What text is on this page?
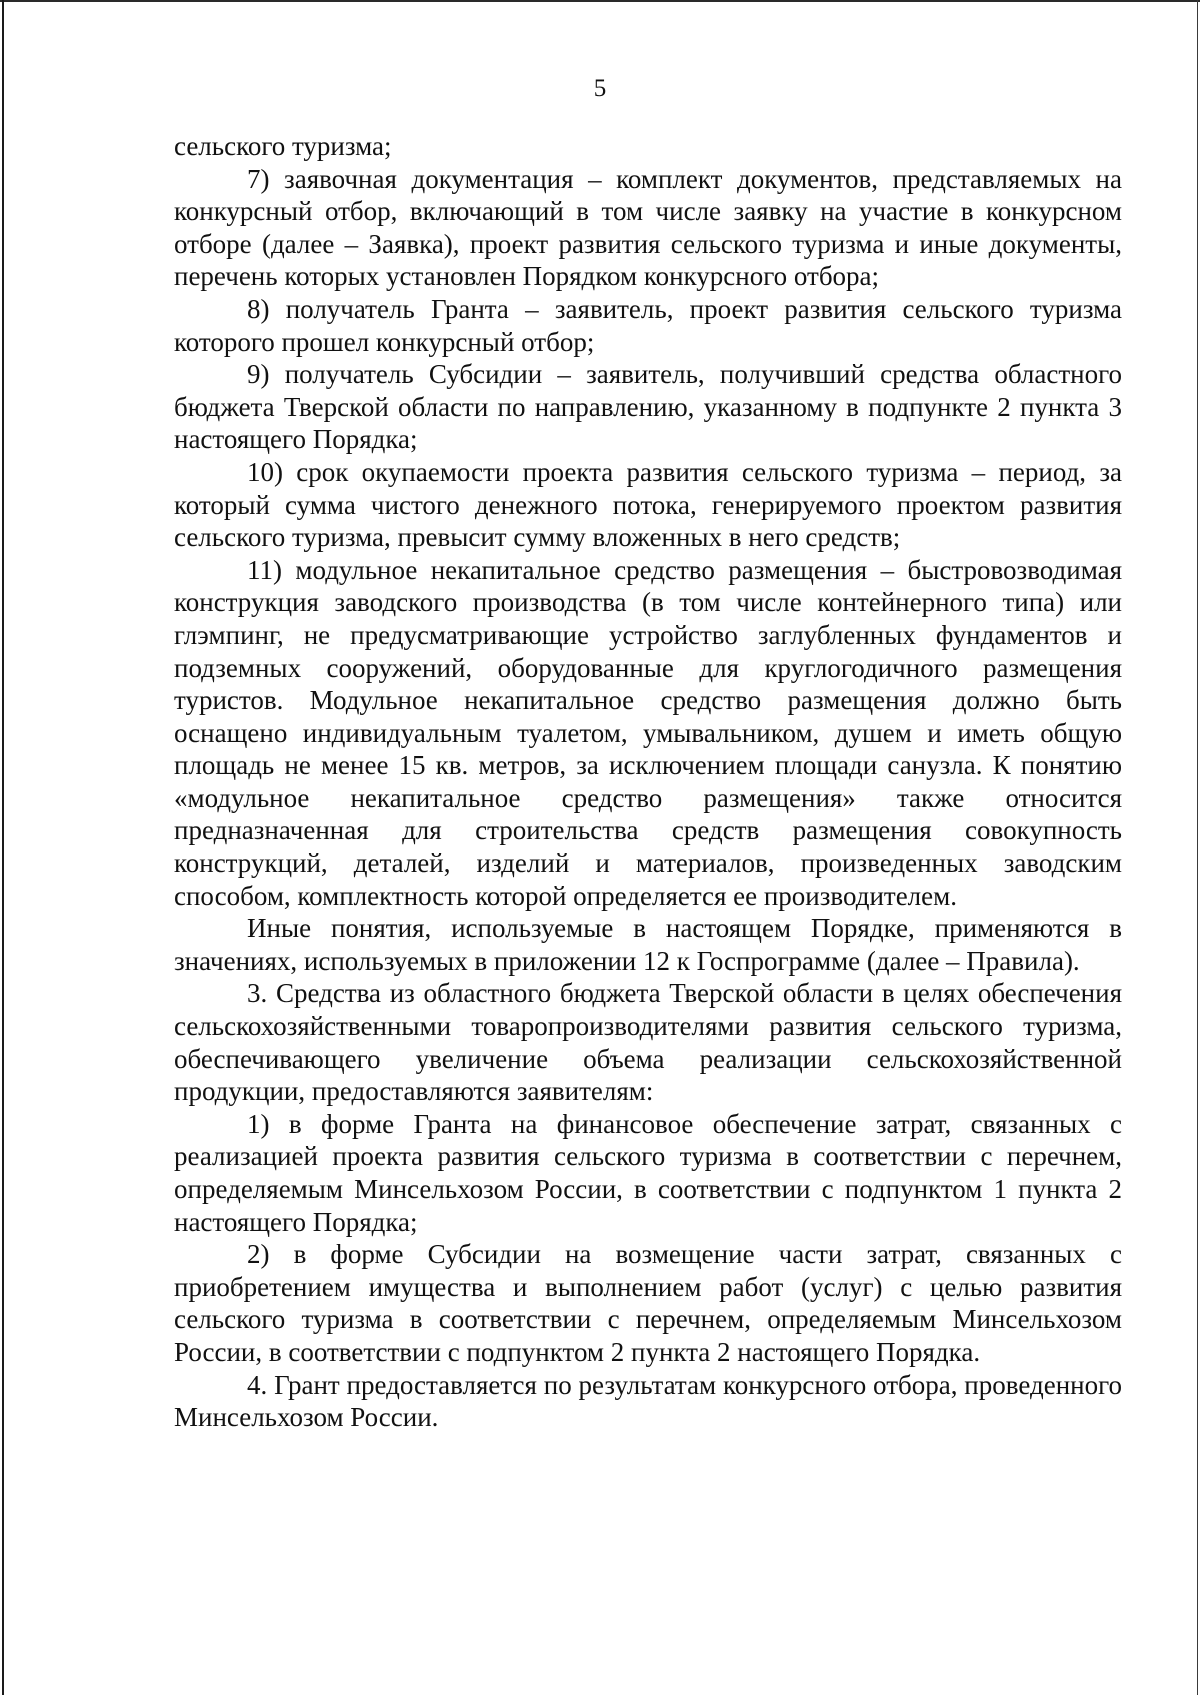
5

сельского туризма;

7) заявочная документация – комплект документов, представляемых на конкурсный отбор, включающий в том числе заявку на участие в конкурсном отборе (далее – Заявка), проект развития сельского туризма и иные документы, перечень которых установлен Порядком конкурсного отбора;

8) получатель Гранта – заявитель, проект развития сельского туризма которого прошел конкурсный отбор;

9) получатель Субсидии – заявитель, получивший средства областного бюджета Тверской области по направлению, указанному в подпункте 2 пункта 3 настоящего Порядка;

10) срок окупаемости проекта развития сельского туризма – период, за который сумма чистого денежного потока, генерируемого проектом развития сельского туризма, превысит сумму вложенных в него средств;

11) модульное некапитальное средство размещения – быстровозводимая конструкция заводского производства (в том числе контейнерного типа) или глэмпинг, не предусматривающие устройство заглубленных фундаментов и подземных сооружений, оборудованные для круглогодичного размещения туристов. Модульное некапитальное средство размещения должно быть оснащено индивидуальным туалетом, умывальником, душем и иметь общую площадь не менее 15 кв. метров, за исключением площади санузла. К понятию «модульное некапитальное средство размещения» также относится предназначенная для строительства средств размещения совокупность конструкций, деталей, изделий и материалов, произведенных заводским способом, комплектность которой определяется ее производителем.

Иные понятия, используемые в настоящем Порядке, применяются в значениях, используемых в приложении 12 к Госпрограмме (далее – Правила).

3. Средства из областного бюджета Тверской области в целях обеспечения сельскохозяйственными товаропроизводителями развития сельского туризма, обеспечивающего увеличение объема реализации сельскохозяйственной продукции, предоставляются заявителям:

1) в форме Гранта на финансовое обеспечение затрат, связанных с реализацией проекта развития сельского туризма в соответствии с перечнем, определяемым Минсельхозом России, в соответствии с подпунктом 1 пункта 2 настоящего Порядка;

2) в форме Субсидии на возмещение части затрат, связанных с приобретением имущества и выполнением работ (услуг) с целью развития сельского туризма в соответствии с перечнем, определяемым Минсельхозом России, в соответствии с подпунктом 2 пункта 2 настоящего Порядка.

4. Грант предоставляется по результатам конкурсного отбора, проведенного Минсельхозом России.
